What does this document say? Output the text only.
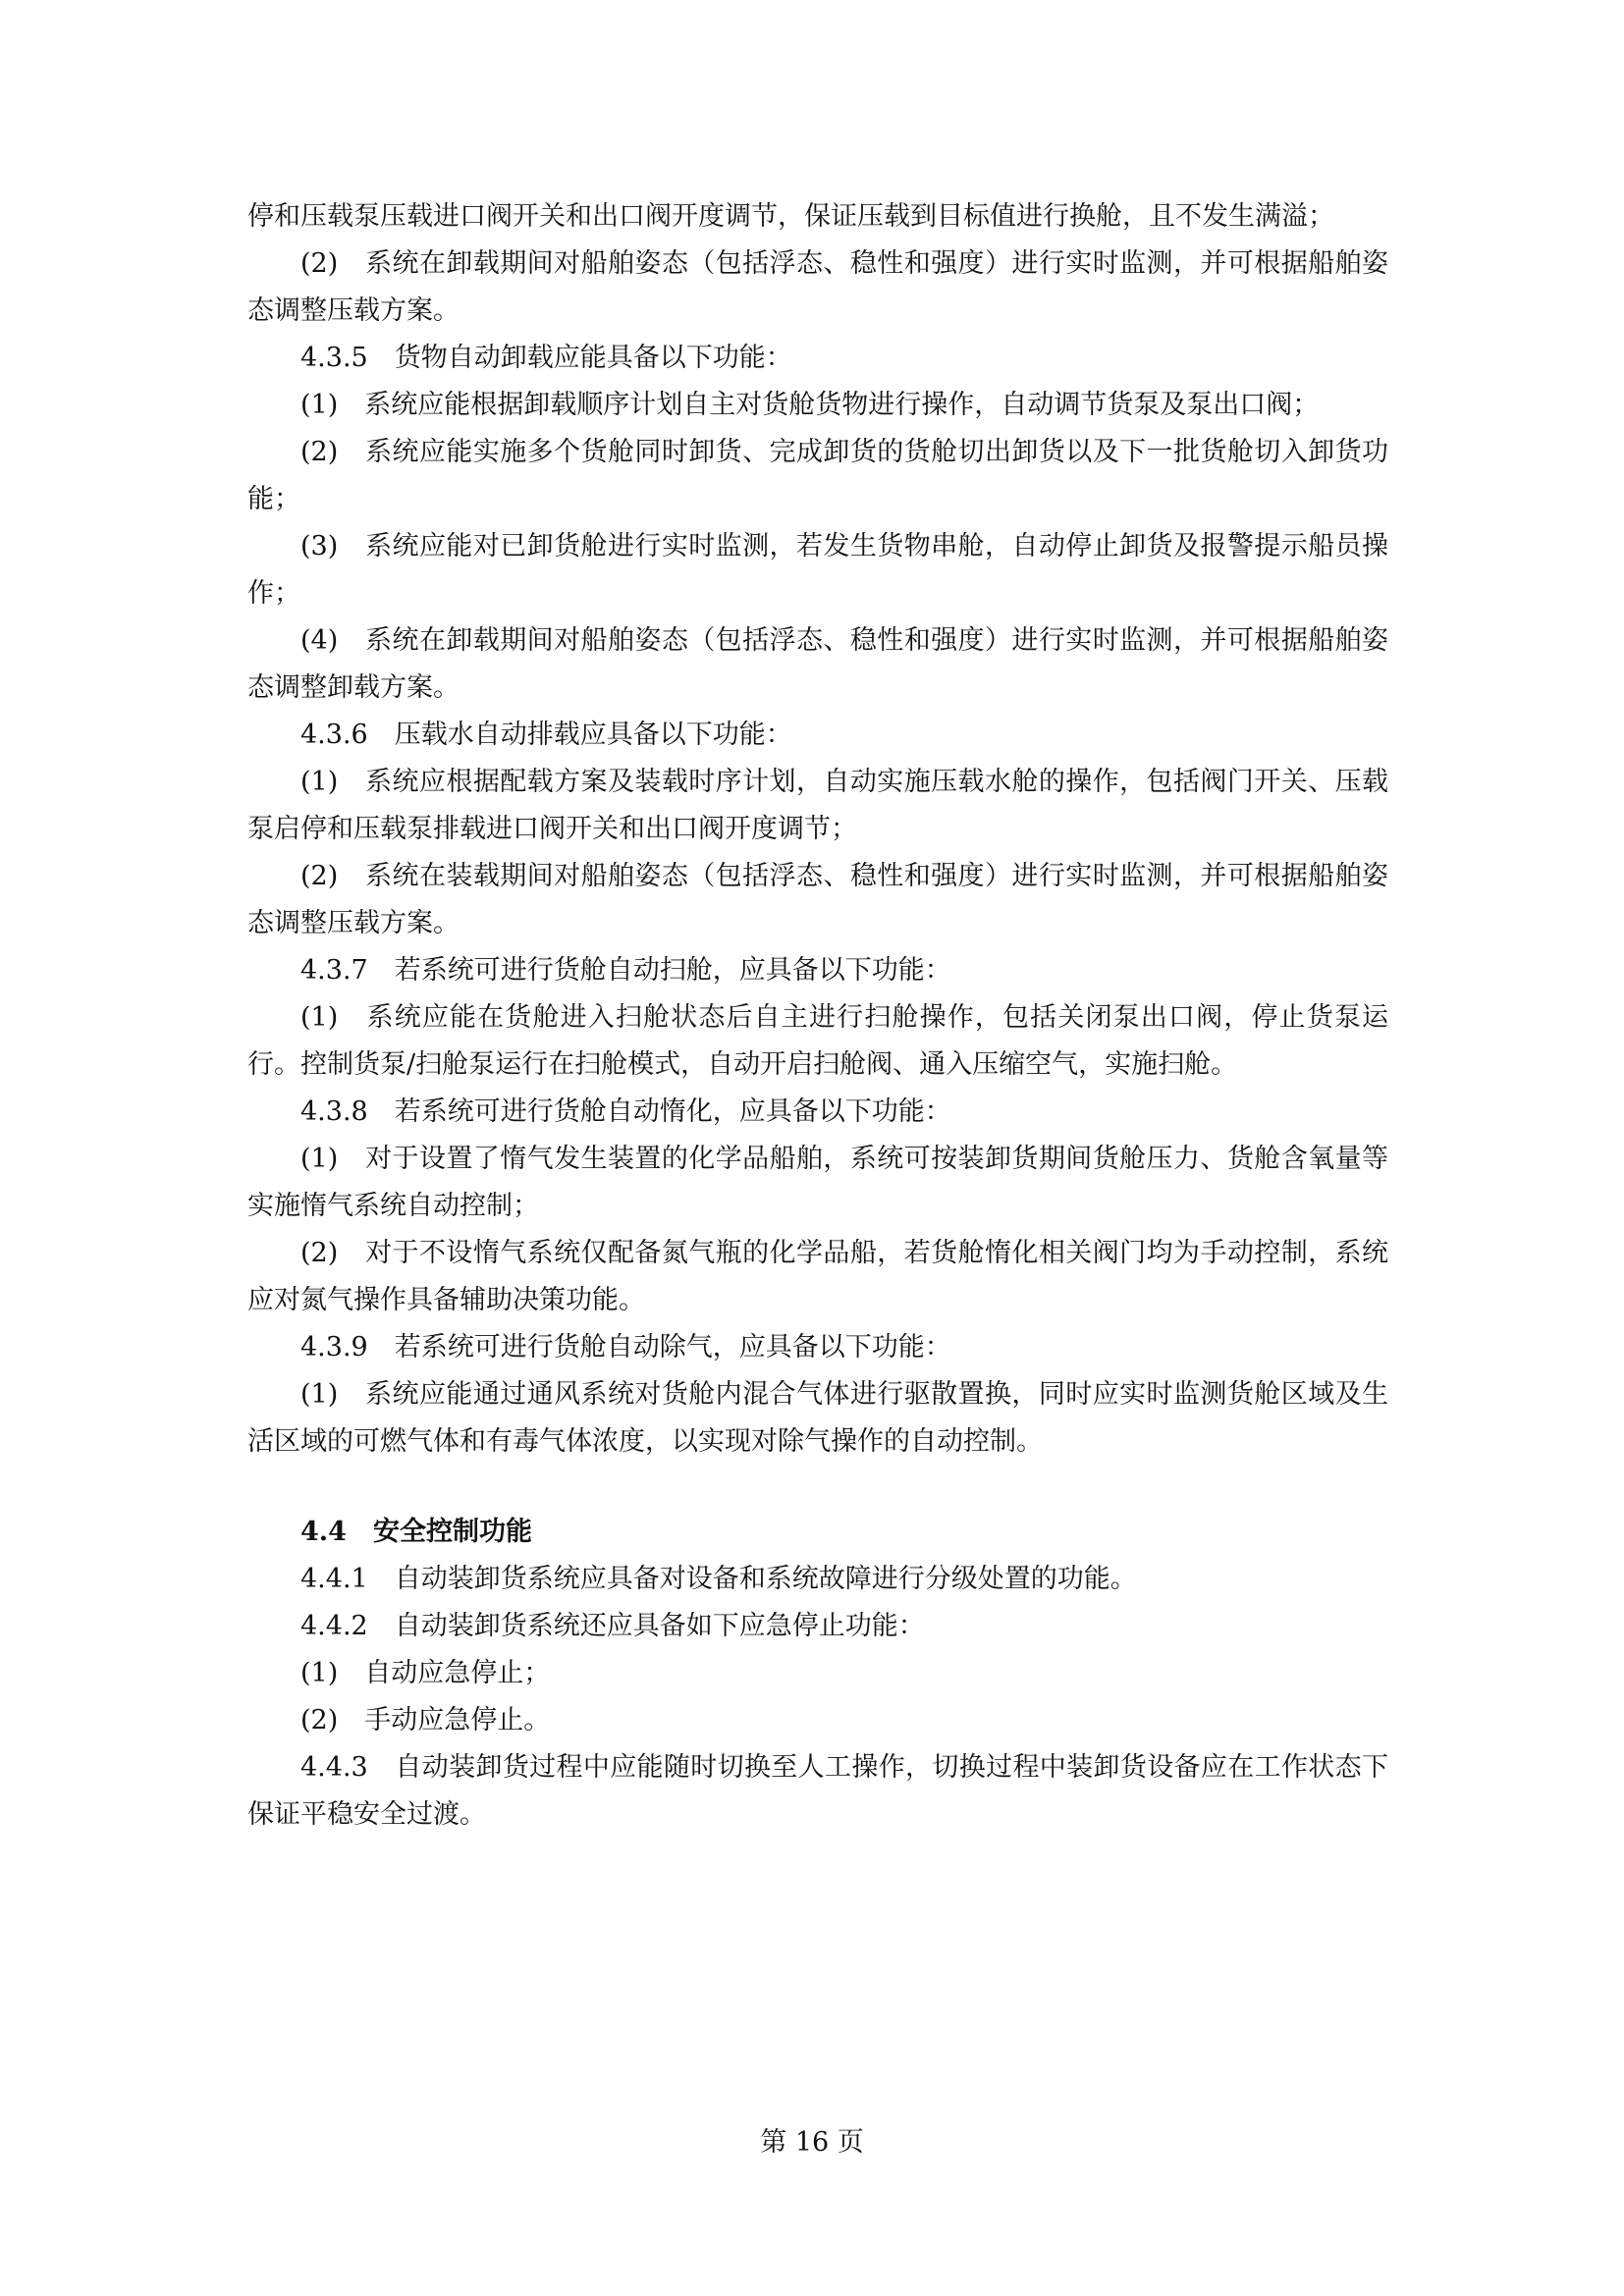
停和压载泵压载进口阀开关和出口阀开度调节，保证压载到目标值进行换舱，且不发生满溢；

(2)　系统在卸载期间对船舶姿态（包括浮态、稳性和强度）进行实时监测，并可根据船舶姿态调整压载方案。

4.3.5　货物自动卸载应能具备以下功能：

(1)　系统应能根据卸载顺序计划自主对货舱货物进行操作，自动调节货泵及泵出口阀；

(2)　系统应能实施多个货舱同时卸货、完成卸货的货舱切出卸货以及下一批货舱切入卸货功能；

(3)　系统应能对已卸货舱进行实时监测，若发生货物串舱，自动停止卸货及报警提示船员操作；

(4)　系统在卸载期间对船舶姿态（包括浮态、稳性和强度）进行实时监测，并可根据船舶姿态调整卸载方案。

4.3.6　压载水自动排载应具备以下功能：

(1)　系统应根据配载方案及装载时序计划，自动实施压载水舱的操作，包括阀门开关、压载泵启停和压载泵排载进口阀开关和出口阀开度调节；

(2)　系统在装载期间对船舶姿态（包括浮态、稳性和强度）进行实时监测，并可根据船舶姿态调整压载方案。

4.3.7　若系统可进行货舱自动扫舱，应具备以下功能：

(1)　系统应能在货舱进入扫舱状态后自主进行扫舱操作，包括关闭泵出口阀，停止货泵运行。控制货泵/扫舱泵运行在扫舱模式，自动开启扫舱阀、通入压缩空气，实施扫舱。

4.3.8　若系统可进行货舱自动惰化，应具备以下功能：

(1)　对于设置了惰气发生装置的化学品船舶，系统可按装卸货期间货舱压力、货舱含氧量等实施惰气系统自动控制；

(2)　对于不设惰气系统仅配备氮气瓶的化学品船，若货舱惰化相关阀门均为手动控制，系统应对氮气操作具备辅助决策功能。

4.3.9　若系统可进行货舱自动除气，应具备以下功能：

(1)　系统应能通过通风系统对货舱内混合气体进行驱散置换，同时应实时监测货舱区域及生活区域的可燃气体和有毒气体浓度，以实现对除气操作的自动控制。

4.4　安全控制功能

4.4.1　自动装卸货系统应具备对设备和系统故障进行分级处置的功能。

4.4.2　自动装卸货系统还应具备如下应急停止功能：

(1)　自动应急停止；

(2)　手动应急停止。

4.4.3　自动装卸货过程中应能随时切换至人工操作，切换过程中装卸货设备应在工作状态下保证平稳安全过渡。

第 16 页
